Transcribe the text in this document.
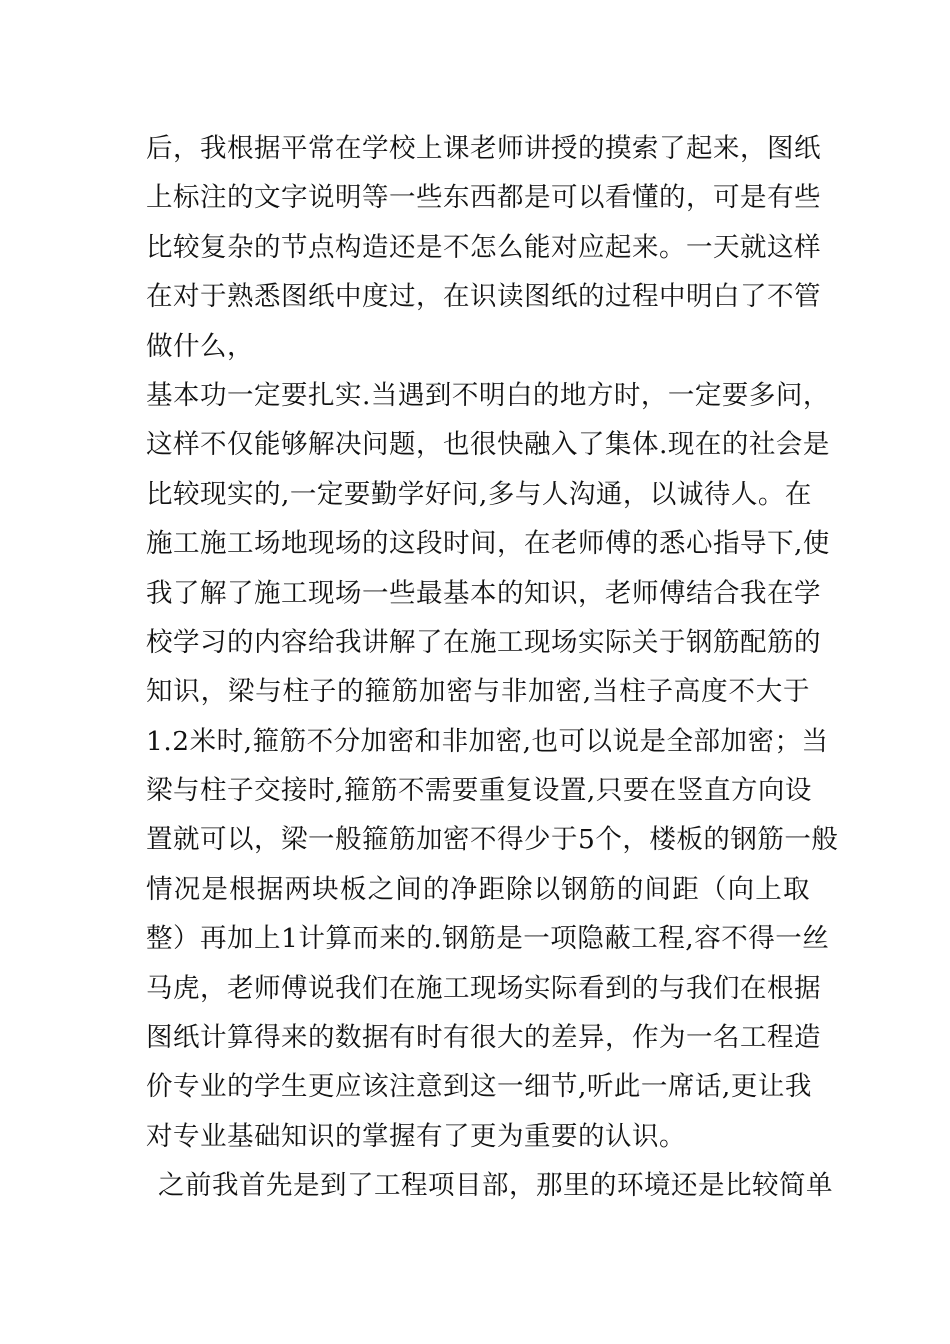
后，我根据平常在学校上课老师讲授的摸索了起来，图纸
上标注的文字说明等一些东西都是可以看懂的，可是有些
比较复杂的节点构造还是不怎么能对应起来。一天就这样
在对于熟悉图纸中度过，在识读图纸的过程中明白了不管
做什么，
基本功一定要扎实.当遇到不明白的地方时，一定要多问，
这样不仅能够解决问题，也很快融入了集体.现在的社会是
比较现实的,一定要勤学好问,多与人沟通，以诚待人。在
施工施工场地现场的这段时间，在老师傅的悉心指导下,使
我了解了施工现场一些最基本的知识，老师傅结合我在学
校学习的内容给我讲解了在施工现场实际关于钢筋配筋的
知识，梁与柱子的箍筋加密与非加密,当柱子高度不大于
1.2米时,箍筋不分加密和非加密,也可以说是全部加密；当
梁与柱子交接时,箍筋不需要重复设置,只要在竖直方向设
置就可以，梁一般箍筋加密不得少于5个，楼板的钢筋一般
情况是根据两块板之间的净距除以钢筋的间距（向上取
整）再加上1计算而来的.钢筋是一项隐蔽工程,容不得一丝
马虎，老师傅说我们在施工现场实际看到的与我们在根据
图纸计算得来的数据有时有很大的差异，作为一名工程造
价专业的学生更应该注意到这一细节,听此一席话,更让我
对专业基础知识的掌握有了更为重要的认识。
之前我首先是到了工程项目部，那里的环境还是比较简单
